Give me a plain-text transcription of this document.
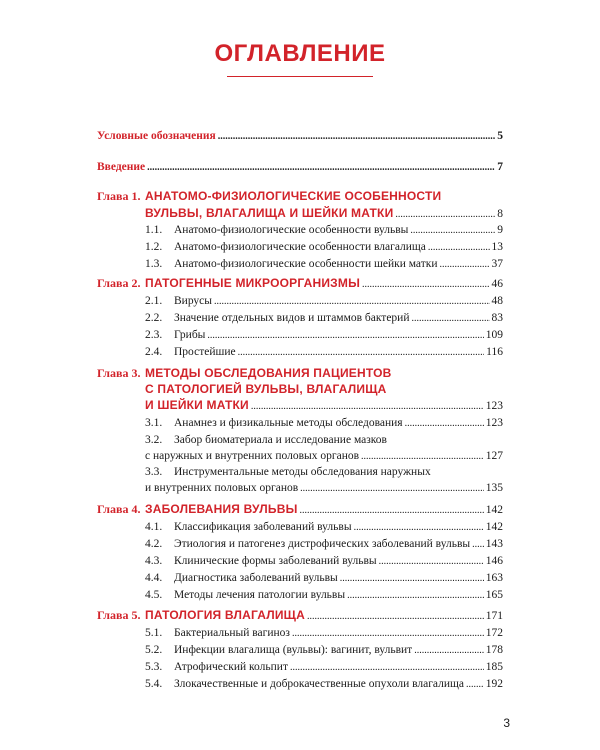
ОГЛАВЛЕНИЕ
Условные обозначения .....	5
Введение .....	7
Глава 1. АНАТОМО-ФИЗИОЛОГИЧЕСКИЕ ОСОБЕННОСТИ
ВУЛЬВЫ, ВЛАГАЛИЩА И ШЕЙКИ МАТКИ .....	8
1.1. Анатомо-физиологические особенности вульвы .....	9
1.2. Анатомо-физиологические особенности влагалища .....	13
1.3. Анатомо-физиологические особенности шейки матки .....	37
Глава 2. ПАТОГЕННЫЕ МИКРООРГАНИЗМЫ .....	46
2.1. Вирусы .....	48
2.2. Значение отдельных видов и штаммов бактерий .....	83
2.3. Грибы .....	109
2.4. Простейшие .....	116
Глава 3. МЕТОДЫ ОБСЛЕДОВАНИЯ ПАЦИЕНТОВ
С ПАТОЛОГИЕЙ ВУЛЬВЫ, ВЛАГАЛИЩА
И ШЕЙКИ МАТКИ .....	123
3.1. Анамнез и физикальные методы обследования .....	123
3.2. Забор биоматериала и исследование мазков
с наружных и внутренних половых органов .....	127
3.3. Инструментальные методы обследования наружных
и внутренних половых органов .....	135
Глава 4. ЗАБОЛЕВАНИЯ ВУЛЬВЫ .....	142
4.1. Классификация заболеваний вульвы .....	142
4.2. Этиология и патогенез дистрофических заболеваний вульвы ..... 143
4.3. Клинические формы заболеваний вульвы .....	146
4.4. Диагностика заболеваний вульвы .....	163
4.5. Методы лечения патологии вульвы .....	165
Глава 5. ПАТОЛОГИЯ ВЛАГАЛИЩА .....	171
5.1. Бактериальный вагиноз .....	172
5.2. Инфекции влагалища (вульвы): вагинит, вульвит .....	178
5.3. Атрофический кольпит .....	185
5.4. Злокачественные и доброкачественные опухоли влагалища ..... 192
3
